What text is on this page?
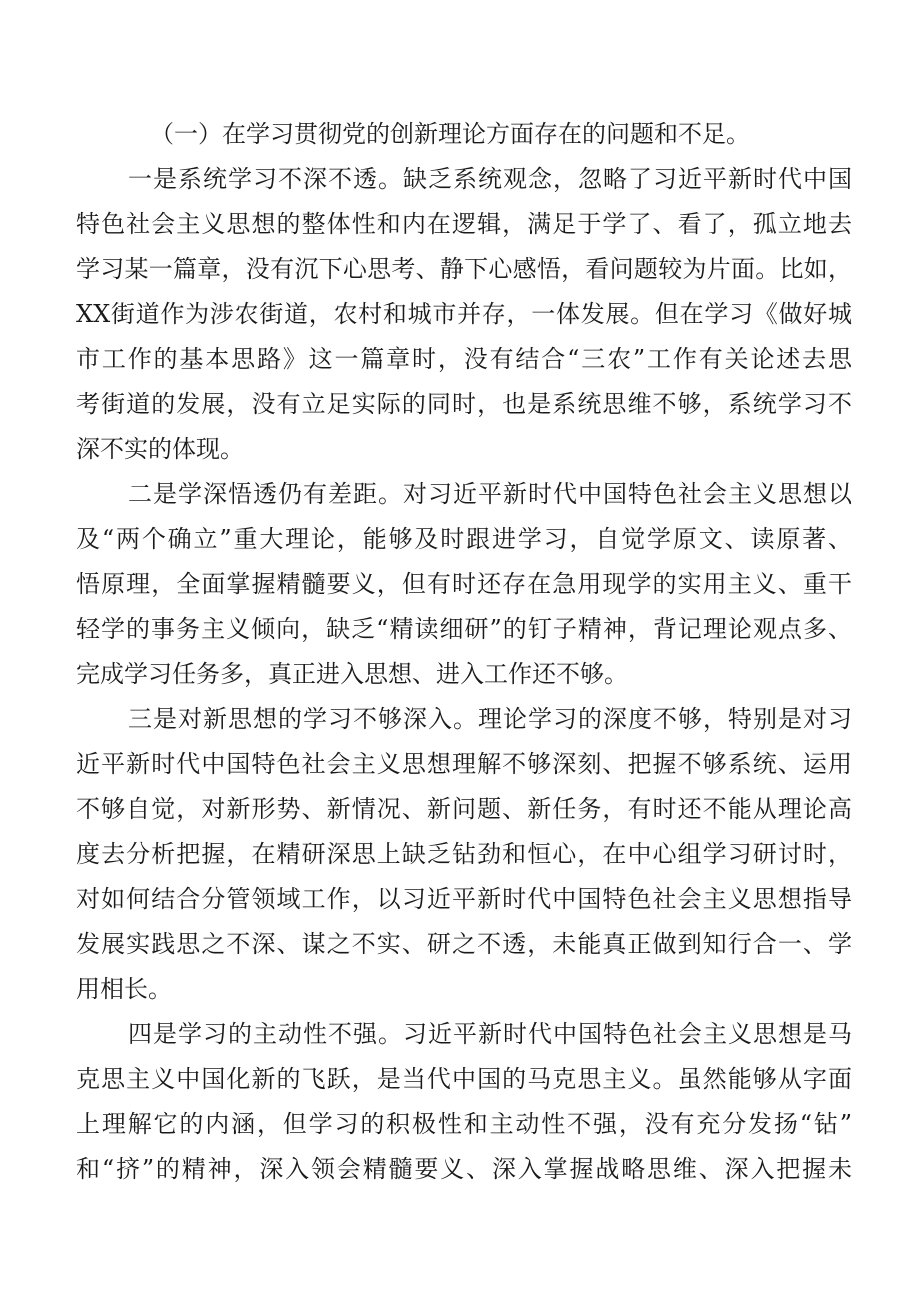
（一）在学习贯彻党的创新理论方面存在的问题和不足。
一是系统学习不深不透。缺乏系统观念，忽略了习近平新时代中国
特色社会主义思想的整体性和内在逻辑，满足于学了、看了，孤立地去
学习某一篇章，没有沉下心思考、静下心感悟，看问题较为片面。比如，
XX街道作为涉农街道，农村和城市并存，一体发展。但在学习《做好城
市工作的基本思路》这一篇章时，没有结合“三农”工作有关论述去思
考街道的发展，没有立足实际的同时，也是系统思维不够，系统学习不
深不实的体现。
二是学深悟透仍有差距。对习近平新时代中国特色社会主义思想以
及“两个确立”重大理论，能够及时跟进学习，自觉学原文、读原著、
悟原理，全面掌握精髓要义，但有时还存在急用现学的实用主义、重干
轻学的事务主义倾向，缺乏“精读细研”的钉子精神，背记理论观点多、
完成学习任务多，真正进入思想、进入工作还不够。
三是对新思想的学习不够深入。理论学习的深度不够，特别是对习
近平新时代中国特色社会主义思想理解不够深刻、把握不够系统、运用
不够自觉，对新形势、新情况、新问题、新任务，有时还不能从理论高
度去分析把握，在精研深思上缺乏钻劲和恒心，在中心组学习研讨时，
对如何结合分管领域工作，以习近平新时代中国特色社会主义思想指导
发展实践思之不深、谋之不实、研之不透，未能真正做到知行合一、学
用相长。
四是学习的主动性不强。习近平新时代中国特色社会主义思想是马
克思主义中国化新的飞跃，是当代中国的马克思主义。虽然能够从字面
上理解它的内涵，但学习的积极性和主动性不强，没有充分发扬“钻”
和“挤”的精神，深入领会精髓要义、深入掌握战略思维、深入把握未
